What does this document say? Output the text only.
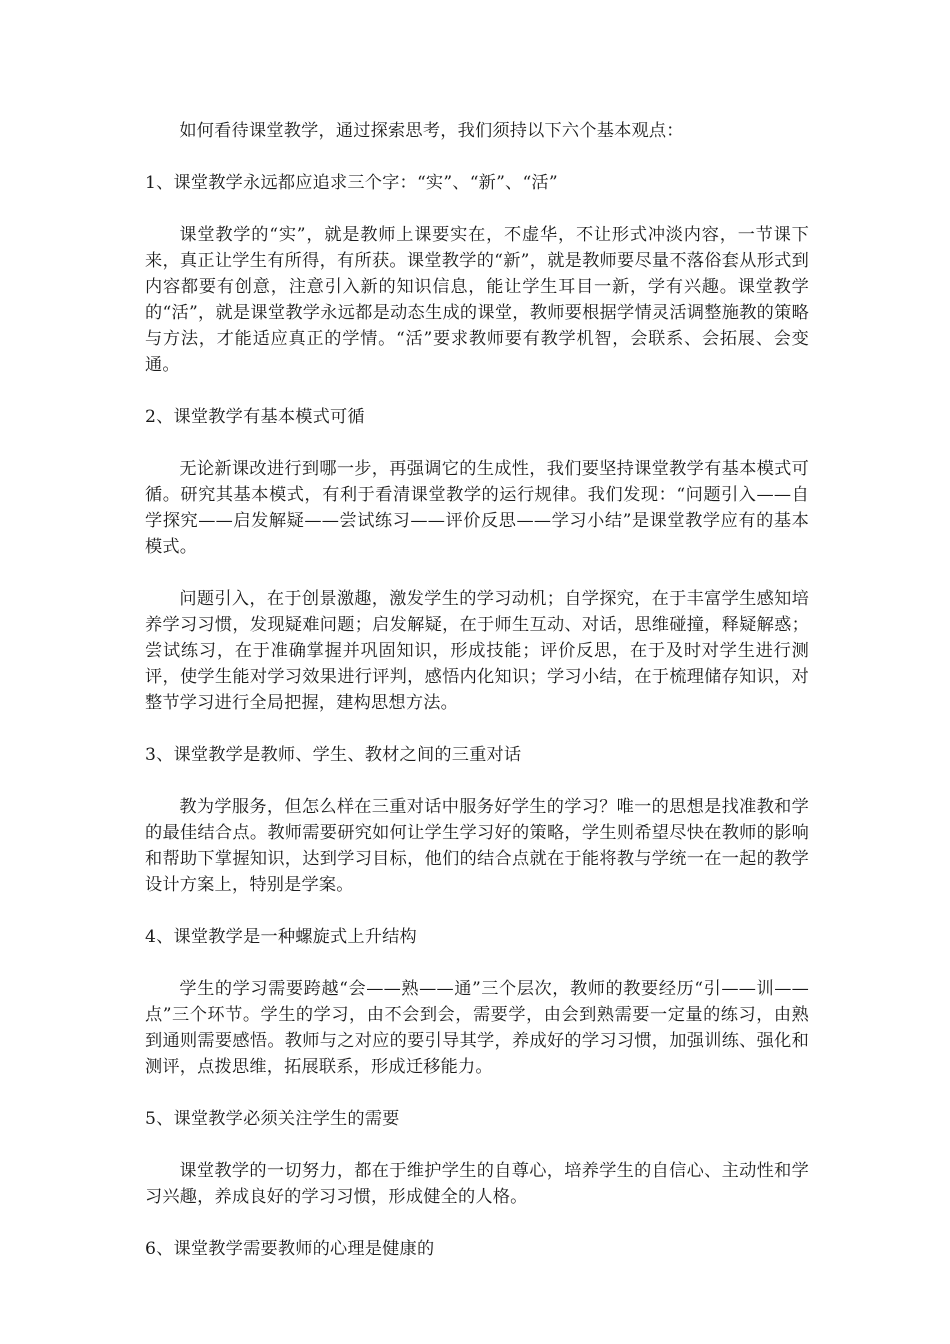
如何看待课堂教学，通过探索思考，我们须持以下六个基本观点：

1、课堂教学永远都应追求三个字：“实”、“新”、“活”

课堂教学的“实”，就是教师上课要实在，不虚华，不让形式冲淡内容，一节课下来，真正让学生有所得，有所获。课堂教学的“新”，就是教师要尽量不落俗套从形式到内容都要有创意，注意引入新的知识信息，能让学生耳目一新，学有兴趣。课堂教学的“活”，就是课堂教学永远都是动态生成的课堂，教师要根据学情灵活调整施教的策略与方法，才能适应真正的学情。“活”要求教师要有教学机智，会联系、会拓展、会变通。

2、课堂教学有基本模式可循

无论新课改进行到哪一步，再强调它的生成性，我们要坚持课堂教学有基本模式可循。研究其基本模式，有利于看清课堂教学的运行规律。我们发现：“问题引入——自学探究——启发解疑——尝试练习——评价反思——学习小结”是课堂教学应有的基本模式。

问题引入，在于创景激趣，激发学生的学习动机；自学探究，在于丰富学生感知培养学习习惯，发现疑难问题；启发解疑，在于师生互动、对话，思维碰撞，释疑解惑；尝试练习，在于准确掌握并巩固知识，形成技能；评价反思，在于及时对学生进行测评，使学生能对学习效果进行评判，感悟内化知识；学习小结，在于梳理储存知识，对整节学习进行全局把握，建构思想方法。

3、课堂教学是教师、学生、教材之间的三重对话

教为学服务，但怎么样在三重对话中服务好学生的学习？唯一的思想是找准教和学的最佳结合点。教师需要研究如何让学生学习好的策略，学生则希望尽快在教师的影响和帮助下掌握知识，达到学习目标，他们的结合点就在于能将教与学统一在一起的教学设计方案上，特别是学案。

4、课堂教学是一种螺旋式上升结构

学生的学习需要跨越“会——熟——通”三个层次，教师的教要经历“引——训——点”三个环节。学生的学习，由不会到会，需要学，由会到熟需要一定量的练习，由熟到通则需要感悟。教师与之对应的要引导其学，养成好的学习习惯，加强训练、强化和测评，点拨思维，拓展联系，形成迁移能力。

5、课堂教学必须关注学生的需要

课堂教学的一切努力，都在于维护学生的自尊心，培养学生的自信心、主动性和学习兴趣，养成良好的学习习惯，形成健全的人格。

6、课堂教学需要教师的心理是健康的
